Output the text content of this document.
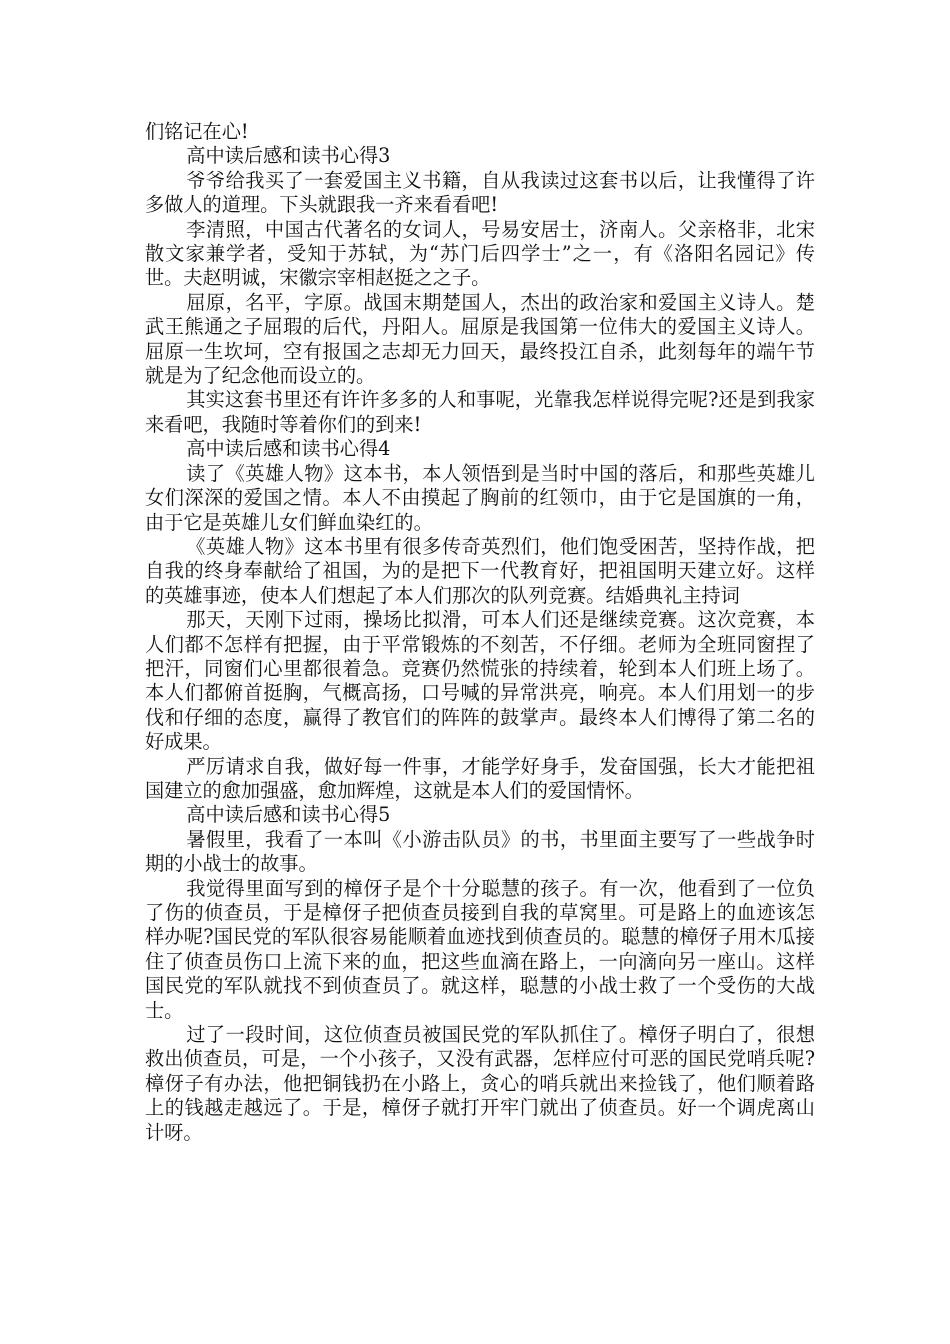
们铭记在心!

高中读后感和读书心得3

爷爷给我买了一套爱国主义书籍，自从我读过这套书以后，让我懂得了许多做人的道理。下头就跟我一齐来看看吧!

李清照，中国古代著名的女词人，号易安居士，济南人。父亲格非，北宋散文家兼学者，受知于苏轼，为“苏门后四学士”之一，有《洛阳名园记》传世。夫赵明诚，宋徽宗宰相赵挺之之子。

屈原，名平，字原。战国末期楚国人，杰出的政治家和爱国主义诗人。楚武王熊通之子屈瑕的后代，丹阳人。屈原是我国第一位伟大的爱国主义诗人。屈原一生坎坷，空有报国之志却无力回天，最终投江自杀，此刻每年的端午节就是为了纪念他而设立的。

其实这套书里还有许许多多的人和事呢，光靠我怎样说得完呢?还是到我家来看吧，我随时等着你们的到来!

高中读后感和读书心得4

读了《英雄人物》这本书，本人领悟到是当时中国的落后，和那些英雄儿女们深深的爱国之情。本人不由摸起了胸前的红领巾，由于它是国旗的一角，由于它是英雄儿女们鲜血染红的。

《英雄人物》这本书里有很多传奇英烈们，他们饱受困苦，坚持作战，把自我的终身奉献给了祖国，为的是把下一代教育好，把祖国明天建立好。这样的英雄事迹，使本人们想起了本人们那次的队列竞赛。结婚典礼主持词

那天，天刚下过雨，操场比拟滑，可本人们还是继续竞赛。这次竞赛，本人们都不怎样有把握，由于平常锻炼的不刻苦，不仔细。老师为全班同窗捏了把汗，同窗们心里都很着急。竞赛仍然慌张的持续着，轮到本人们班上场了。本人们都俯首挺胸，气概高扬，口号喊的异常洪亮，响亮。本人们用划一的步伐和仔细的态度，赢得了教官们的阵阵的鼓掌声。最终本人们博得了第二名的好成果。

严厉请求自我，做好每一件事，才能学好身手，发奋国强，长大才能把祖国建立的愈加强盛，愈加辉煌，这就是本人们的爱国情怀。

高中读后感和读书心得5

暑假里，我看了一本叫《小游击队员》的书，书里面主要写了一些战争时期的小战士的故事。

我觉得里面写到的樟伢子是个十分聪慧的孩子。有一次，他看到了一位负了伤的侦查员，于是樟伢子把侦查员接到自我的草窝里。可是路上的血迹该怎样办呢?国民党的军队很容易能顺着血迹找到侦查员的。聪慧的樟伢子用木瓜接住了侦查员伤口上流下来的血，把这些血滴在路上，一向滴向另一座山。这样国民党的军队就找不到侦查员了。就这样，聪慧的小战士救了一个受伤的大战士。

过了一段时间，这位侦查员被国民党的军队抓住了。樟伢子明白了，很想救出侦查员，可是，一个小孩子，又没有武器，怎样应付可恶的国民党哨兵呢?樟伢子有办法，他把铜钱扔在小路上，贪心的哨兵就出来捡钱了，他们顺着路上的钱越走越远了。于是，樟伢子就打开牢门就出了侦查员。好一个调虎离山计呀。
